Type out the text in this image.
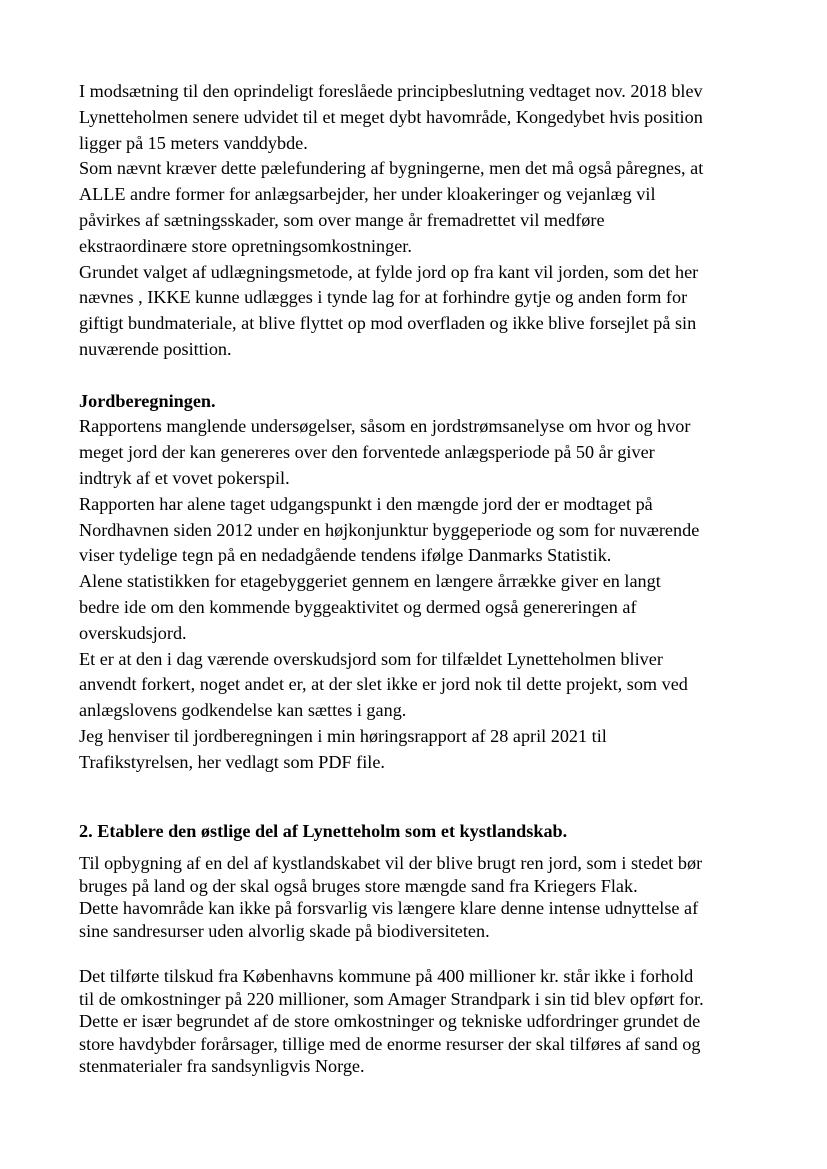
I modsætning til den oprindeligt foreslåede principbeslutning vedtaget nov. 2018 blev
Lynetteholmen senere udvidet til et meget dybt havområde, Kongedybet hvis position
ligger på 15 meters vanddybde.
Som nævnt kræver dette pælefundering af bygningerne, men det må også påregnes, at
ALLE andre former for anlægsarbejder, her under kloakeringer og vejanlæg vil
påvirkes af sætningsskader, som over mange år fremadrettet vil medføre
ekstraordinære store opretningsomkostninger.
Grundet valget af udlægningsmetode, at fylde jord op fra kant vil jorden, som det her
nævnes , IKKE kunne udlægges i tynde lag for at forhindre gytje og anden form for
giftigt bundmateriale, at blive flyttet op mod overfladen og ikke blive forsejlet på sin
nuværende posittion.
Jordberegningen.
Rapportens manglende undersøgelser, såsom en jordstrømsanelyse om hvor og hvor
meget jord der kan genereres over den forventede anlægsperiode på 50 år giver
indtryk af et vovet pokerspil.
Rapporten har alene taget udgangspunkt i den mængde jord der er modtaget på
Nordhavnen siden 2012 under en højkonjunktur byggeperiode og som for nuværende
viser tydelige tegn på en nedadgående tendens ifølge Danmarks Statistik.
Alene statistikken for etagebyggeriet gennem en længere årrække giver en langt
bedre ide om den kommende byggeaktivitet og dermed også genereringen af
overskudsjord.
Et er at den i dag værende overskudsjord som for tilfældet Lynetteholmen bliver
anvendt forkert, noget andet er, at der slet ikke er jord nok til dette projekt, som ved
anlægslovens godkendelse kan sættes i gang.
Jeg henviser til jordberegningen i min høringsrapport af 28 april 2021 til
Trafikstyrelsen, her vedlagt som PDF file.
2. Etablere den østlige del af Lynetteholm som et kystlandskab.
Til opbygning af en del af kystlandskabet vil der blive brugt ren jord, som i stedet bør
bruges på land og der skal også bruges store mængde sand fra Kriegers Flak.
Dette havområde kan ikke på forsvarlig vis længere klare denne intense udnyttelse af
sine sandresurser uden alvorlig skade på biodiversiteten.
Det tilførte tilskud fra Københavns kommune på 400 millioner kr. står ikke i forhold
til de omkostninger på 220 millioner, som Amager Strandpark i sin tid blev opført for.
Dette er især begrundet af de store omkostninger og tekniske udfordringer grundet de
store havdybder forårsager, tillige med de enorme resurser der skal tilføres af sand og
stenmaterialer fra sandsynligvis Norge.
